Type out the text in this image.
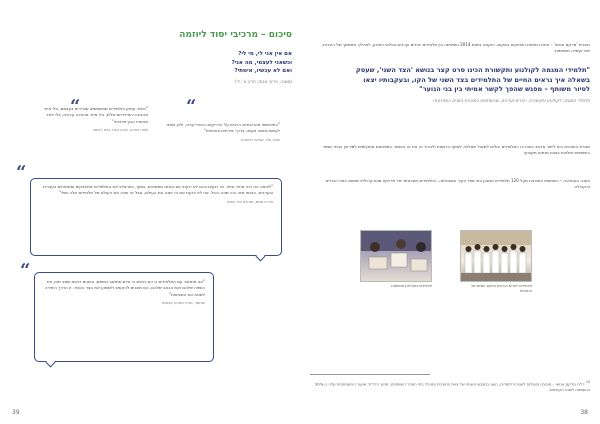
סיכום – מרכיבי יסוד ליוזמה
אם אין אני לי, מי לי?
וכשאני לעצמי, מה אני?
ואם לא עכשיו, אימתי?
(משנה, פרקי אבות, פרק א', יד)
“
“
“
"התייאשתי מהדיבורים הרבים על הדו-קיום היהודי-ערבי, ולכן ניסינו לעשות משהו מעשי, בדרך יצירתית וחווייתית"
עומר וגיל, שחקני תיאטרון
"חיבור עמוק ותלמידים שמשמשים שגרירים בעצמם, בלי פחד מהבינה יהודית-ישראלית, בלי פחד מהבינה ערבית, בלי פחד מהשיח הבין-תרבותי"
שאדי צאדק, מורה וחבר צוות היוזמה
"ליוזמה הזו היה מחיר אישי. היו רגעים בהם לא ידעתי אם אנחנו ממשיכים. בסוף, כשראיתי את התלמידים מתחבקים ומשוחחים בעברית ובערבית, הבנתי שזה היה שווה הכול. אני לא יודעת אם זה ישנה את העולם, אבל זה שינה את העולם של תלמידים אלה ושלי"
אורית שמש, מנהלת בית הספר
"אני מתחבר עם התלמידים כי הם רואים בי אדם שחושב כמותם, וכשהם רואים שאני מבין את השפה שלהם ואת הכאב שלהם, הם מוכנים להקשיב ולשמוע את הצד האחר. זו הדרך היחידה לשנות את המציאות"
מוחמד, מורה ומנחה קבוצות
39
תוכנית 'מרקם אנושי' – אחת היוזמות הוותיקות במקום. הוקמה בשנת 2014 ומפגישה בין תלמידים יהודים וערבים בגילאי התיכון, לתהליך מתמשך של היכרות, שיח ועשייה משותפת.
"תלמידי המגמה לקולנוע ותקשורת הכינו סרט קצר בנושא 'הצד השני', שעסק בשאלה איך נראים החיים של התלמידים בצד השני של הקו, ובעקבותיו יצאו לסיור משותף – מפגש שהפך לקשר אמיתי בין בני הנוער"
תלמידי המגמה לקולנוע ותקשורת, יהודים וערבים, שהשתתפו בתוכנית בשנים האחרונות
מטרת התוכנית היא לייצר מרחב בטוח בו התלמידים יכולים לשאול שאלות, לשתף ברגשות ולהכיר זה את זה באמת. המפגשים מתקיימים לסירוגין בבתי הספר השותפים ומלווים בצוות מנחים מקצועי.
בשנה האחרונה – השתתפו בתוכנית מעל 120 תלמידים ממגוון בתי ספר בעיר ובסביבתה. התלמידים מתכננים יחד פרויקט סיום קהילתי שמוצג בפני ההורים והקהילה.
תלמידים בפעילות משותפת	תלמידים יהודים וערבים בטקס הסיום של התוכנית
38
$^{10}$ דו"ח מרקם אנושי – סיכום הפעילות לשנת הלימודים, הוצג במפגש השנתי של צוות התוכנית ומנהלי בתי הספר השותפים. מתוך הדו"ח: שיעור ההשתתפות עלה ב-30% בהשוואה לשנה הקודמת.
